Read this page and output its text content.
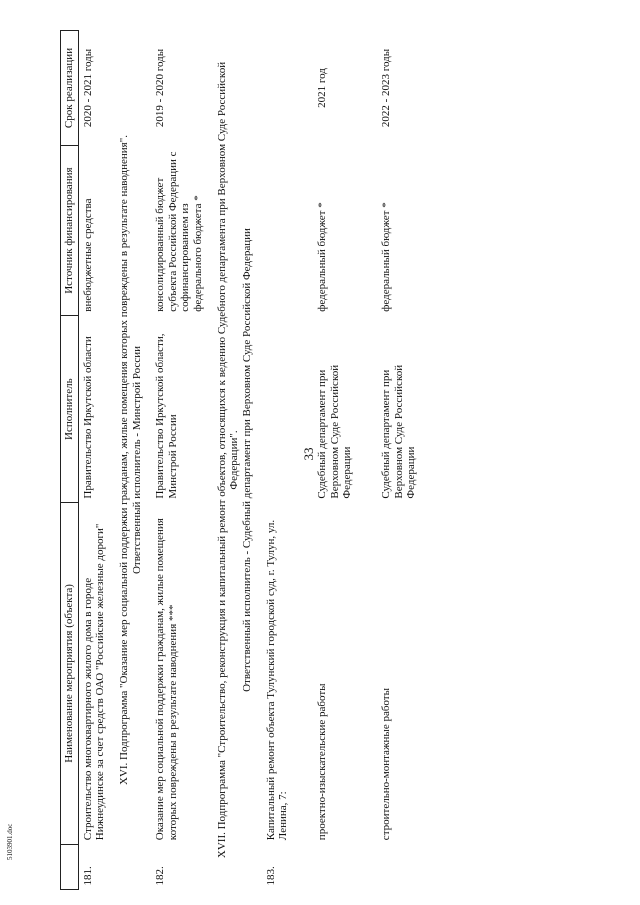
33
5103901.doc
	Наименование мероприятия (объекта)	Исполнитель	Источник финансирования	Срок реализации
181.	Строительство многоквартирного жилого дома в городе Нижнеудинске за счет средств ОАО "Российские железные дороги"	Правительство Иркутской области	внебюджетные средства	2020 - 2021 годы

XVI. Подпрограмма "Оказание мер социальной поддержки гражданам, жилые помещения которых повреждены в результате наводнения". Ответственный исполнитель - Минстрой России				

182.	Оказание мер социальной поддержки гражданам, жилые помещения которых повреждены в результате наводнения ***	Правительство Иркутской области, Минстрой России	консолидированный бюджет субъекта Российской Федерации с софинансированием из федерального бюджета *	2019 - 2020 годы

XVII. Подпрограмма "Строительство, реконструкция и капитальный ремонт объектов, относящихся к ведению Судебного департамента при Верховном Суде Российской Федерации". Ответственный исполнитель - Судебный департамент при Верховном Суде Российской Федерации				

183.	Капитальный ремонт объекта Тулунский городской суд, г. Тулун, ул. Ленина, 7:			

	проектно-изыскательские работы	Судебный департамент при Верховном Суде Российской Федерации	федеральный бюджет *	2021 год

	строительно-монтажные работы	Судебный департамент при Верховном Суде Российской Федерации	федеральный бюджет *	2022 - 2023 годы
